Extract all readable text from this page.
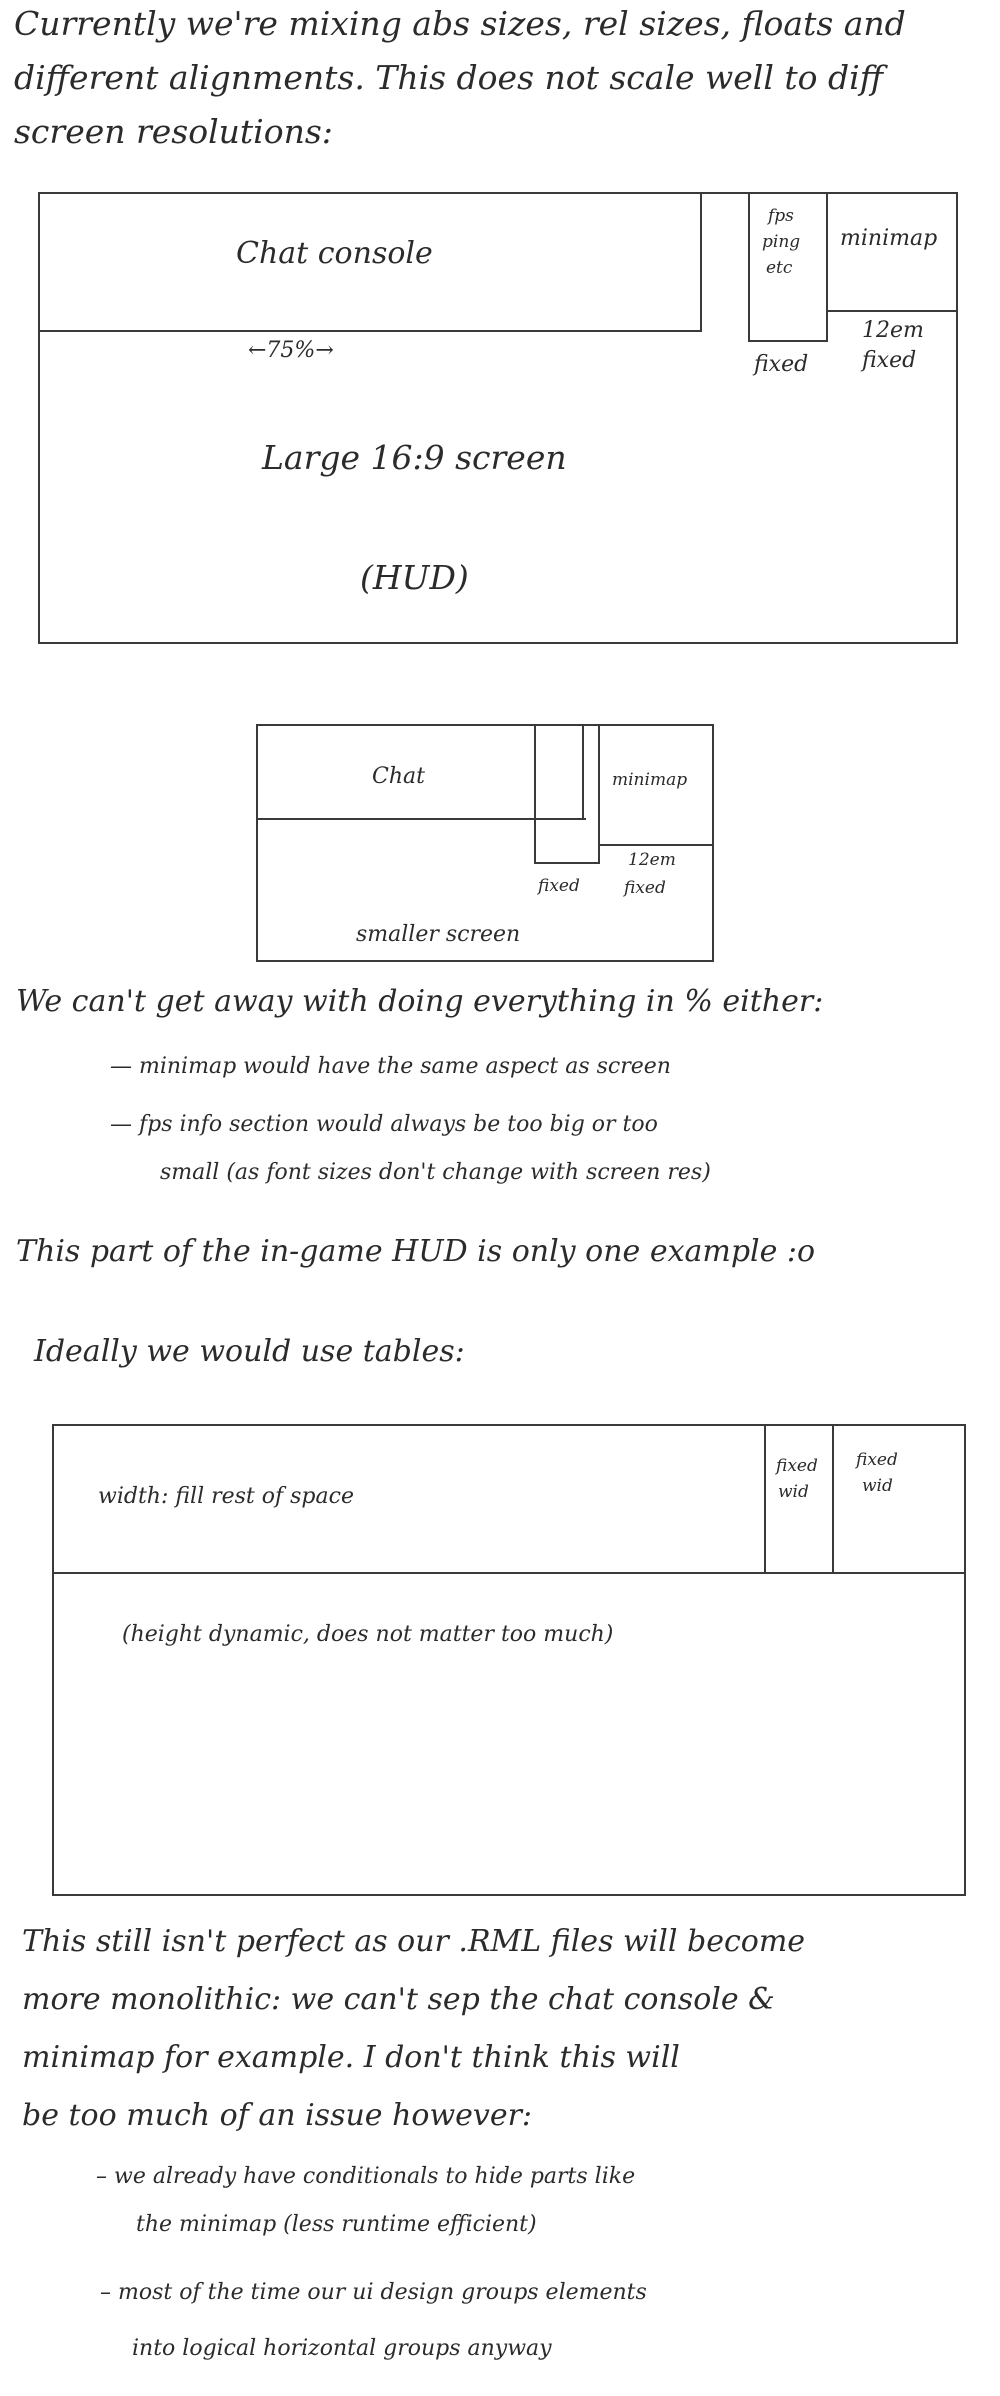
Currently we're mixing abs sizes, rel sizes, floats and
different alignments. This does not scale well to diff
screen resolutions:
Chat console
←75%→
fps
ping
etc
minimap
fixed
12em
fixed
Large 16:9 screen
(HUD)
Chat	minimap
fixed
12em
fixed
smaller screen
We can't get away with doing everything in % either:
— minimap would have the same aspect as screen
— fps info section would always be too big or too
small (as font sizes don't change with screen res)
This part of the in-game HUD is only one example :o
Ideally we would use tables:
width: fill rest of space
fixed
wid
fixed
wid
(height dynamic, does not matter too much)
This still isn't perfect as our .RML files will become
more monolithic: we can't sep the chat console &
minimap for example. I don't think this will
be too much of an issue however:
– we already have conditionals to hide parts like
the minimap (less runtime efficient)
– most of the time our ui design groups elements
into logical horizontal groups anyway
